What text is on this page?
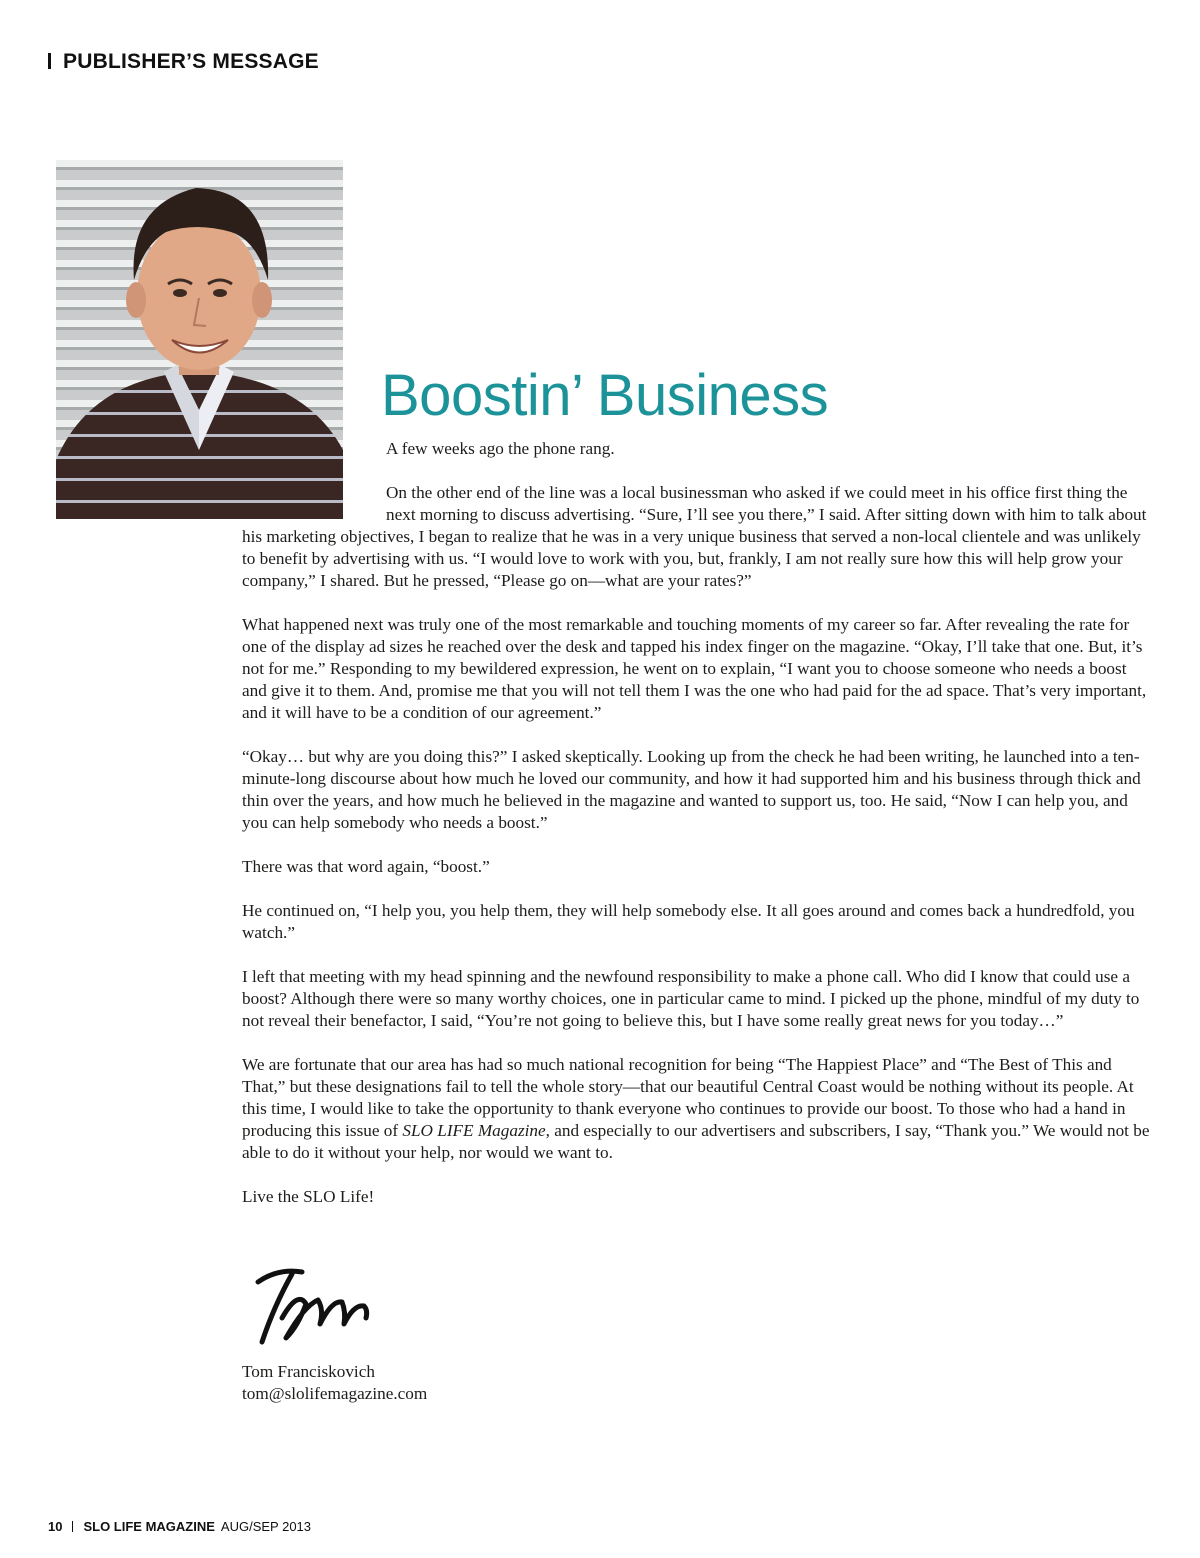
PUBLISHER’S MESSAGE
Boostin’ Business

A few weeks ago the phone rang.

On the other end of the line was a local businessman who asked if we could meet in his office first thing the next morning to discuss advertising. “Sure, I’ll see you there,” I said. After sitting down with him to talk about his marketing objectives, I began to realize that he was in a very unique business that served a non-local clientele and was unlikely to benefit by advertising with us. “I would love to work with you, but, frankly, I am not really sure how this will help grow your company,” I shared. But he pressed, “Please go on—what are your rates?”

What happened next was truly one of the most remarkable and touching moments of my career so far. After revealing the rate for one of the display ad sizes he reached over the desk and tapped his index finger on the magazine. “Okay, I’ll take that one. But, it’s not for me.” Responding to my bewildered expression, he went on to explain, “I want you to choose someone who needs a boost and give it to them. And, promise me that you will not tell them I was the one who had paid for the ad space. That’s very important, and it will have to be a condition of our agreement.”

“Okay… but why are you doing this?” I asked skeptically. Looking up from the check he had been writing, he launched into a ten-minute-long discourse about how much he loved our community, and how it had supported him and his business through thick and thin over the years, and how much he believed in the magazine and wanted to support us, too. He said, “Now I can help you, and you can help somebody who needs a boost.”

There was that word again, “boost.”

He continued on, “I help you, you help them, they will help somebody else. It all goes around and comes back a hundredfold, you watch.”

I left that meeting with my head spinning and the newfound responsibility to make a phone call. Who did I know that could use a boost? Although there were so many worthy choices, one in particular came to mind. I picked up the phone, mindful of my duty to not reveal their benefactor, I said, “You’re not going to believe this, but I have some really great news for you today…”

We are fortunate that our area has had so much national recognition for being “The Happiest Place” and “The Best of This and That,” but these designations fail to tell the whole story—that our beautiful Central Coast would be nothing without its people. At this time, I would like to take the opportunity to thank everyone who continues to provide our boost. To those who had a hand in producing this issue of SLO LIFE Magazine, and especially to our advertisers and subscribers, I say, “Thank you.” We would not be able to do it without your help, nor would we want to.

Live the SLO Life!

Tom Franciskovich
tom@slolifemagazine.com
10 SLO LIFE MAGAZINE AUG/SEP 2013
